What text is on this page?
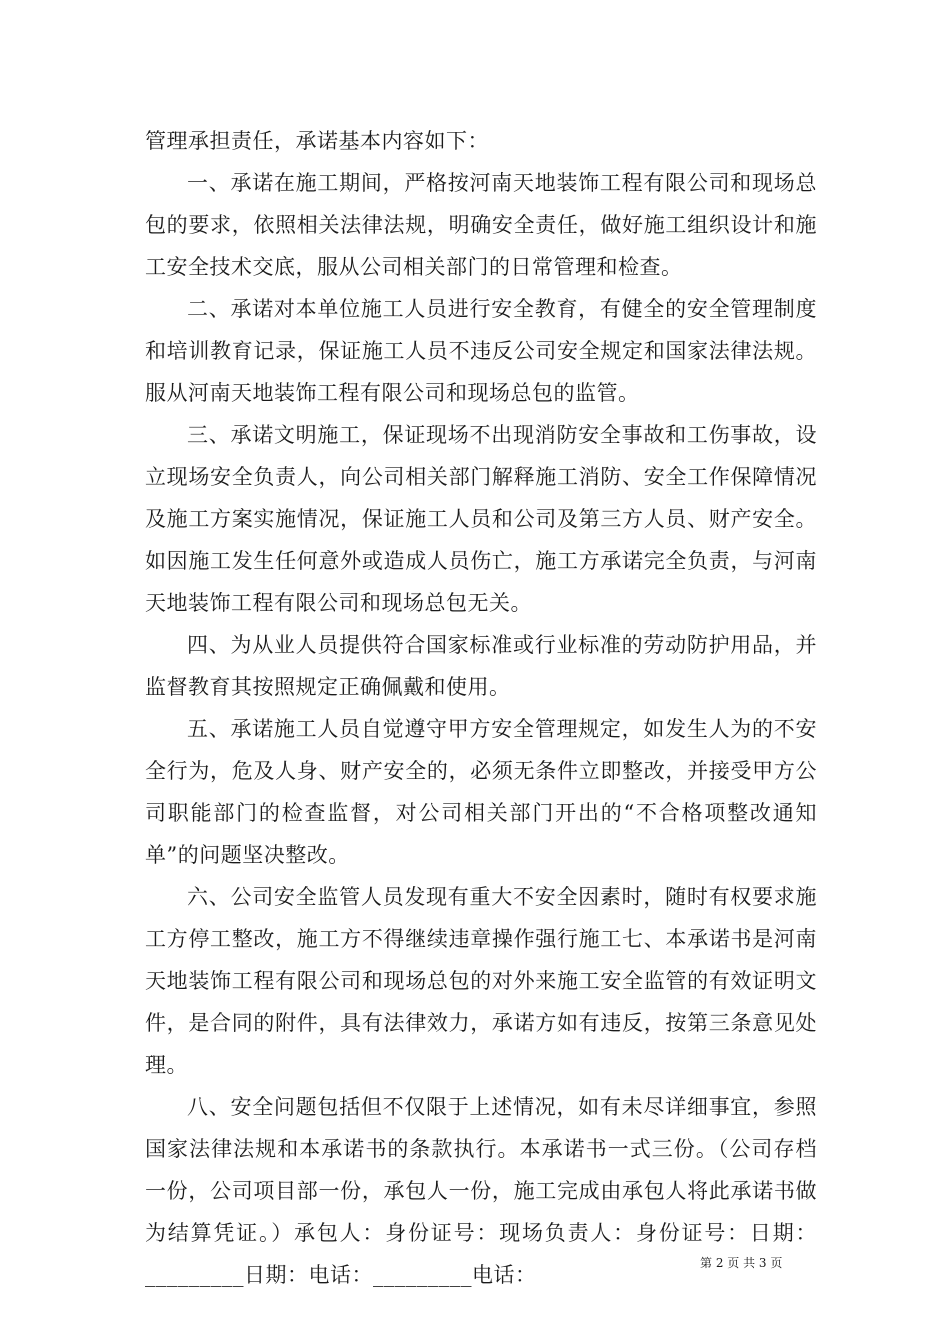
管理承担责任，承诺基本内容如下：

一、承诺在施工期间，严格按河南天地装饰工程有限公司和现场总包的要求，依照相关法律法规，明确安全责任，做好施工组织设计和施工安全技术交底，服从公司相关部门的日常管理和检查。

二、承诺对本单位施工人员进行安全教育，有健全的安全管理制度和培训教育记录，保证施工人员不违反公司安全规定和国家法律法规。服从河南天地装饰工程有限公司和现场总包的监管。

三、承诺文明施工，保证现场不出现消防安全事故和工伤事故，设立现场安全负责人，向公司相关部门解释施工消防、安全工作保障情况及施工方案实施情况，保证施工人员和公司及第三方人员、财产安全。如因施工发生任何意外或造成人员伤亡，施工方承诺完全负责，与河南天地装饰工程有限公司和现场总包无关。

四、为从业人员提供符合国家标准或行业标准的劳动防护用品，并监督教育其按照规定正确佩戴和使用。

五、承诺施工人员自觉遵守甲方安全管理规定，如发生人为的不安全行为，危及人身、财产安全的，必须无条件立即整改，并接受甲方公司职能部门的检查监督，对公司相关部门开出的“不合格项整改通知单”的问题坚决整改。

六、公司安全监管人员发现有重大不安全因素时，随时有权要求施工方停工整改，施工方不得继续违章操作强行施工七、本承诺书是河南天地装饰工程有限公司和现场总包的对外来施工安全监管的有效证明文件，是合同的附件，具有法律效力，承诺方如有违反，按第三条意见处理。

八、安全问题包括但不仅限于上述情况，如有未尽详细事宜，参照国家法律法规和本承诺书的条款执行。本承诺书一式三份。（公司存档一份，公司项目部一份，承包人一份，施工完成由承包人将此承诺书做为结算凭证。）承包人：身份证号：现场负责人：身份证号：日期：_________日期：电话：_________电话：	第 2 页 共 3 页
